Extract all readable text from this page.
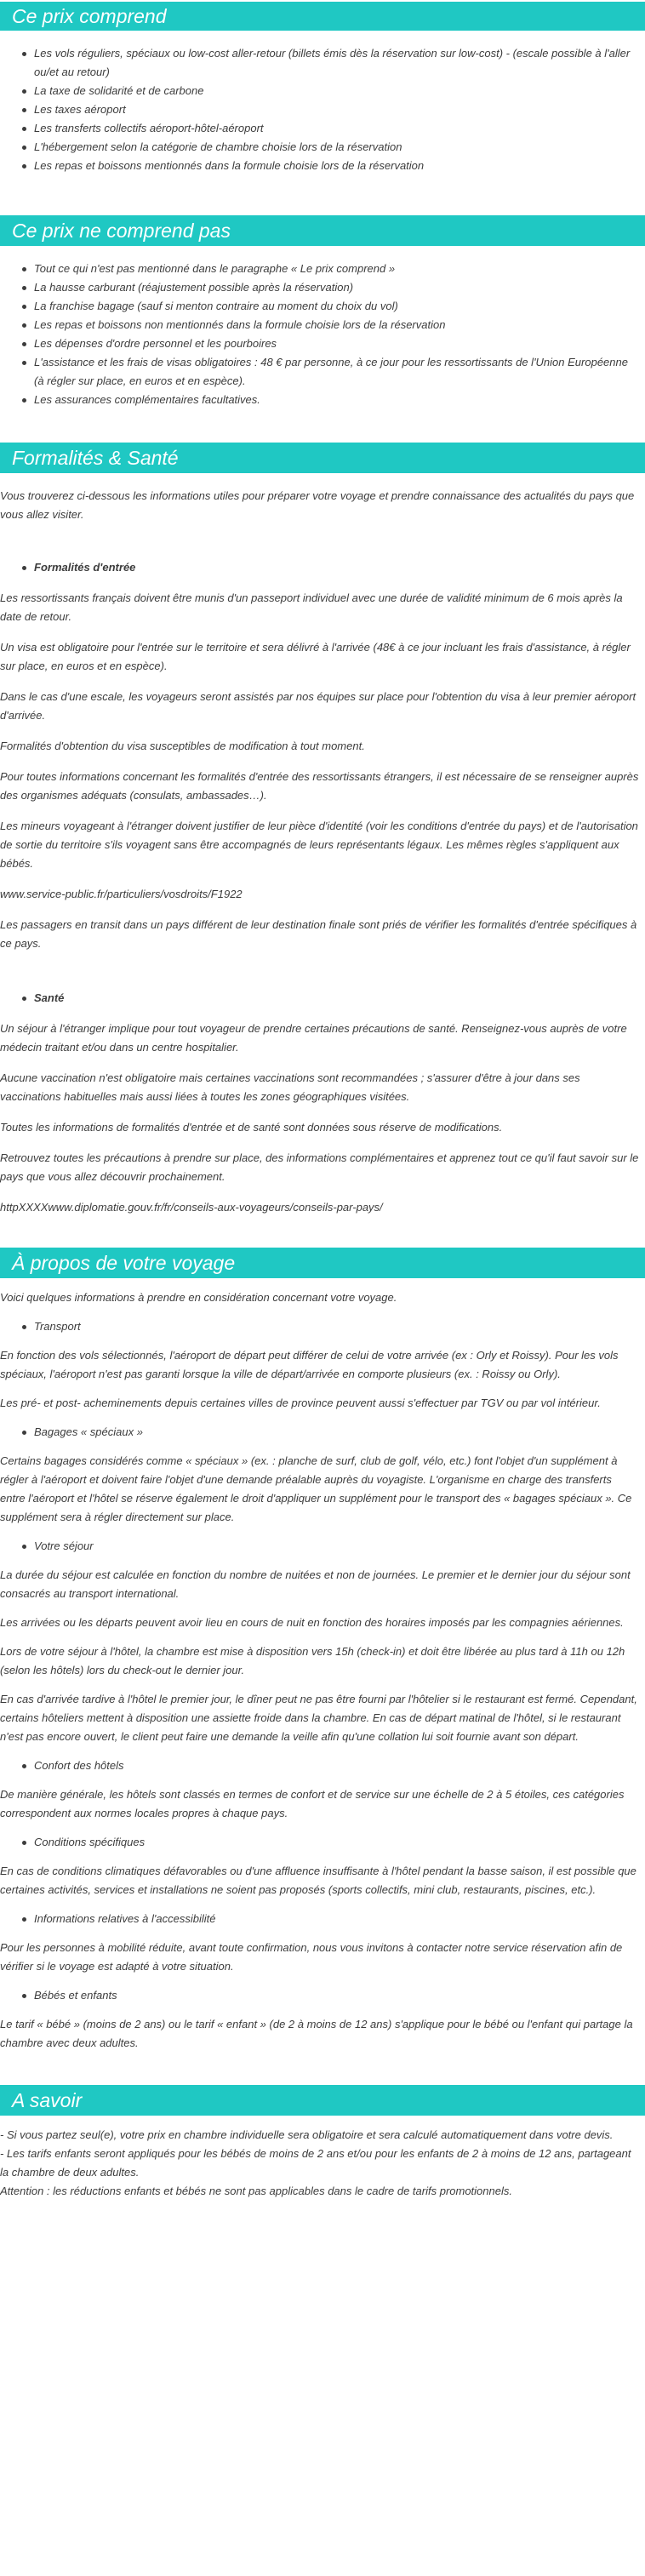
Ce prix comprend
Les vols réguliers, spéciaux ou low-cost aller-retour (billets émis dès la réservation sur low-cost) - (escale possible à l'aller ou/et au retour)
La taxe de solidarité et de carbone
Les taxes aéroport
Les transferts collectifs aéroport-hôtel-aéroport
L'hébergement selon la catégorie de chambre choisie lors de la réservation
Les repas et boissons mentionnés dans la formule choisie lors de la réservation
Ce prix ne comprend pas
Tout ce qui n'est pas mentionné dans le paragraphe « Le prix comprend »
La hausse carburant (réajustement possible après la réservation)
La franchise bagage (sauf si menton contraire au moment du choix du vol)
Les repas et boissons non mentionnés dans la formule choisie lors de la réservation
Les dépenses d'ordre personnel et les pourboires
L'assistance et les frais de visas obligatoires : 48 € par personne, à ce jour pour les ressortissants de l'Union Européenne (à régler sur place, en euros et en espèce).
Les assurances complémentaires facultatives.
Formalités & Santé

Vous trouverez ci-dessous les informations utiles pour préparer votre voyage et prendre connaissance des actualités du pays que vous allez visiter.

Formalités d'entrée

Les ressortissants français doivent être munis d'un passeport individuel avec une durée de validité minimum de 6 mois après la date de retour.

Un visa est obligatoire pour l'entrée sur le territoire et sera délivré à l'arrivée (48€ à ce jour incluant les frais d'assistance, à régler sur place, en euros et en espèce).

Dans le cas d'une escale, les voyageurs seront assistés par nos équipes sur place pour l'obtention du visa à leur premier aéroport d'arrivée.

Formalités d'obtention du visa susceptibles de modification à tout moment.

Pour toutes informations concernant les formalités d'entrée des ressortissants étrangers, il est nécessaire de se renseigner auprès des organismes adéquats (consulats, ambassades…).

Les mineurs voyageant à l'étranger doivent justifier de leur pièce d'identité (voir les conditions d'entrée du pays) et de l'autorisation de sortie du territoire s'ils voyagent sans être accompagnés de leurs représentants légaux. Les mêmes règles s'appliquent aux bébés.

www.service-public.fr/particuliers/vosdroits/F1922

Les passagers en transit dans un pays différent de leur destination finale sont priés de vérifier les formalités d'entrée spécifiques à ce pays.

Santé

Un séjour à l'étranger implique pour tout voyageur de prendre certaines précautions de santé. Renseignez-vous auprès de votre médecin traitant et/ou dans un centre hospitalier.

Aucune vaccination n'est obligatoire mais certaines vaccinations sont recommandées ; s'assurer d'être à jour dans ses vaccinations habituelles mais aussi liées à toutes les zones géographiques visitées.

Toutes les informations de formalités d'entrée et de santé sont données sous réserve de modifications.

Retrouvez toutes les précautions à prendre sur place, des informations complémentaires et apprenez tout ce qu'il faut savoir sur le pays que vous allez découvrir prochainement.

httpXXXXwww.diplomatie.gouv.fr/fr/conseils-aux-voyageurs/conseils-par-pays/

À propos de votre voyage

Voici quelques informations à prendre en considération concernant votre voyage.

Transport

En fonction des vols sélectionnés, l'aéroport de départ peut différer de celui de votre arrivée (ex : Orly et Roissy). Pour les vols spéciaux, l'aéroport n'est pas garanti lorsque la ville de départ/arrivée en comporte plusieurs (ex. : Roissy ou Orly).

Les pré- et post- acheminements depuis certaines villes de province peuvent aussi s'effectuer par TGV ou par vol intérieur.

Bagages « spéciaux »

Certains bagages considérés comme « spéciaux » (ex. : planche de surf, club de golf, vélo, etc.) font l'objet d'un supplément à régler à l'aéroport et doivent faire l'objet d'une demande préalable auprès du voyagiste. L'organisme en charge des transferts entre l'aéroport et l'hôtel se réserve également le droit d'appliquer un supplément pour le transport des « bagages spéciaux ». Ce supplément sera à régler directement sur place.

Votre séjour

La durée du séjour est calculée en fonction du nombre de nuitées et non de journées. Le premier et le dernier jour du séjour sont consacrés au transport international.

Les arrivées ou les départs peuvent avoir lieu en cours de nuit en fonction des horaires imposés par les compagnies aériennes.

Lors de votre séjour à l'hôtel, la chambre est mise à disposition vers 15h (check-in) et doit être libérée au plus tard à 11h ou 12h (selon les hôtels) lors du check-out le dernier jour.

En cas d'arrivée tardive à l'hôtel le premier jour, le dîner peut ne pas être fourni par l'hôtelier si le restaurant est fermé. Cependant, certains hôteliers mettent à disposition une assiette froide dans la chambre. En cas de départ matinal de l'hôtel, si le restaurant n'est pas encore ouvert, le client peut faire une demande la veille afin qu'une collation lui soit fournie avant son départ.

Confort des hôtels

De manière générale, les hôtels sont classés en termes de confort et de service sur une échelle de 2 à 5 étoiles, ces catégories correspondent aux normes locales propres à chaque pays.

Conditions spécifiques

En cas de conditions climatiques défavorables ou d'une affluence insuffisante à l'hôtel pendant la basse saison, il est possible que certaines activités, services et installations ne soient pas proposés (sports collectifs, mini club, restaurants, piscines, etc.).

Informations relatives à l'accessibilité

Pour les personnes à mobilité réduite, avant toute confirmation, nous vous invitons à contacter notre service réservation afin de vérifier si le voyage est adapté à votre situation.

Bébés et enfants

Le tarif « bébé » (moins de 2 ans) ou le tarif « enfant » (de 2 à moins de 12 ans) s'applique pour le bébé ou l'enfant qui partage la chambre avec deux adultes.

A savoir

- Si vous partez seul(e), votre prix en chambre individuelle sera obligatoire et sera calculé automatiquement dans votre devis.

- Les tarifs enfants seront appliqués pour les bébés de moins de 2 ans et/ou pour les enfants de 2 à moins de 12 ans, partageant la chambre de deux adultes.

Attention : les réductions enfants et bébés ne sont pas applicables dans le cadre de tarifs promotionnels.
